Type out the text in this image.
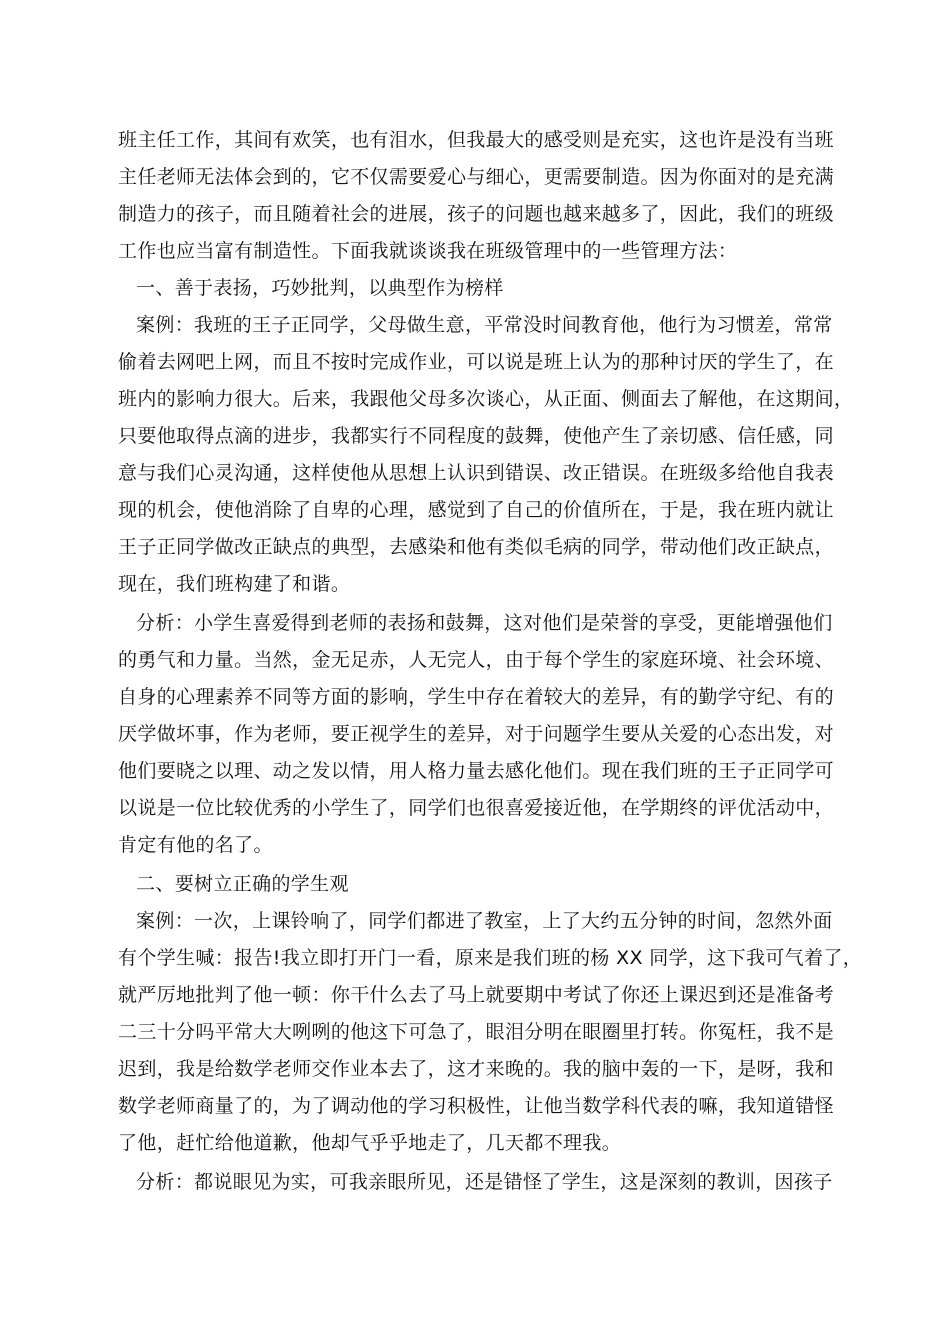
班主任工作，其间有欢笑，也有泪水，但我最大的感受则是充实，这也许是没有当班
主任老师无法体会到的，它不仅需要爱心与细心，更需要制造。因为你面对的是充满
制造力的孩子，而且随着社会的进展，孩子的问题也越来越多了，因此，我们的班级
工作也应当富有制造性。下面我就谈谈我在班级管理中的一些管理方法：
一、善于表扬，巧妙批判，以典型作为榜样
案例：我班的王子正同学，父母做生意，平常没时间教育他，他行为习惯差，常常
偷着去网吧上网，而且不按时完成作业，可以说是班上认为的那种讨厌的学生了，在
班内的影响力很大。后来，我跟他父母多次谈心，从正面、侧面去了解他，在这期间，
只要他取得点滴的进步，我都实行不同程度的鼓舞，使他产生了亲切感、信任感，同
意与我们心灵沟通，这样使他从思想上认识到错误、改正错误。在班级多给他自我表
现的机会，使他消除了自卑的心理，感觉到了自己的价值所在，于是，我在班内就让
王子正同学做改正缺点的典型，去感染和他有类似毛病的同学，带动他们改正缺点，
现在，我们班构建了和谐。
分析：小学生喜爱得到老师的表扬和鼓舞，这对他们是荣誉的享受，更能增强他们
的勇气和力量。当然，金无足赤，人无完人，由于每个学生的家庭环境、社会环境、
自身的心理素养不同等方面的影响，学生中存在着较大的差异，有的勤学守纪、有的
厌学做坏事，作为老师，要正视学生的差异，对于问题学生要从关爱的心态出发，对
他们要晓之以理、动之发以情，用人格力量去感化他们。现在我们班的王子正同学可
以说是一位比较优秀的小学生了，同学们也很喜爱接近他，在学期终的评优活动中，
肯定有他的名了。
二、要树立正确的学生观
案例：一次，上课铃响了，同学们都进了教室，上了大约五分钟的时间，忽然外面
有个学生喊：报告!我立即打开门一看，原来是我们班的杨 XX 同学，这下我可气着了，
就严厉地批判了他一顿：你干什么去了马上就要期中考试了你还上课迟到还是准备考
二三十分吗平常大大咧咧的他这下可急了，眼泪分明在眼圈里打转。你冤枉，我不是
迟到，我是给数学老师交作业本去了，这才来晚的。我的脑中轰的一下，是呀，我和
数学老师商量了的，为了调动他的学习积极性，让他当数学科代表的嘛，我知道错怪
了他，赶忙给他道歉，他却气乎乎地走了，几天都不理我。
分析：都说眼见为实，可我亲眼所见，还是错怪了学生，这是深刻的教训，因孩子
